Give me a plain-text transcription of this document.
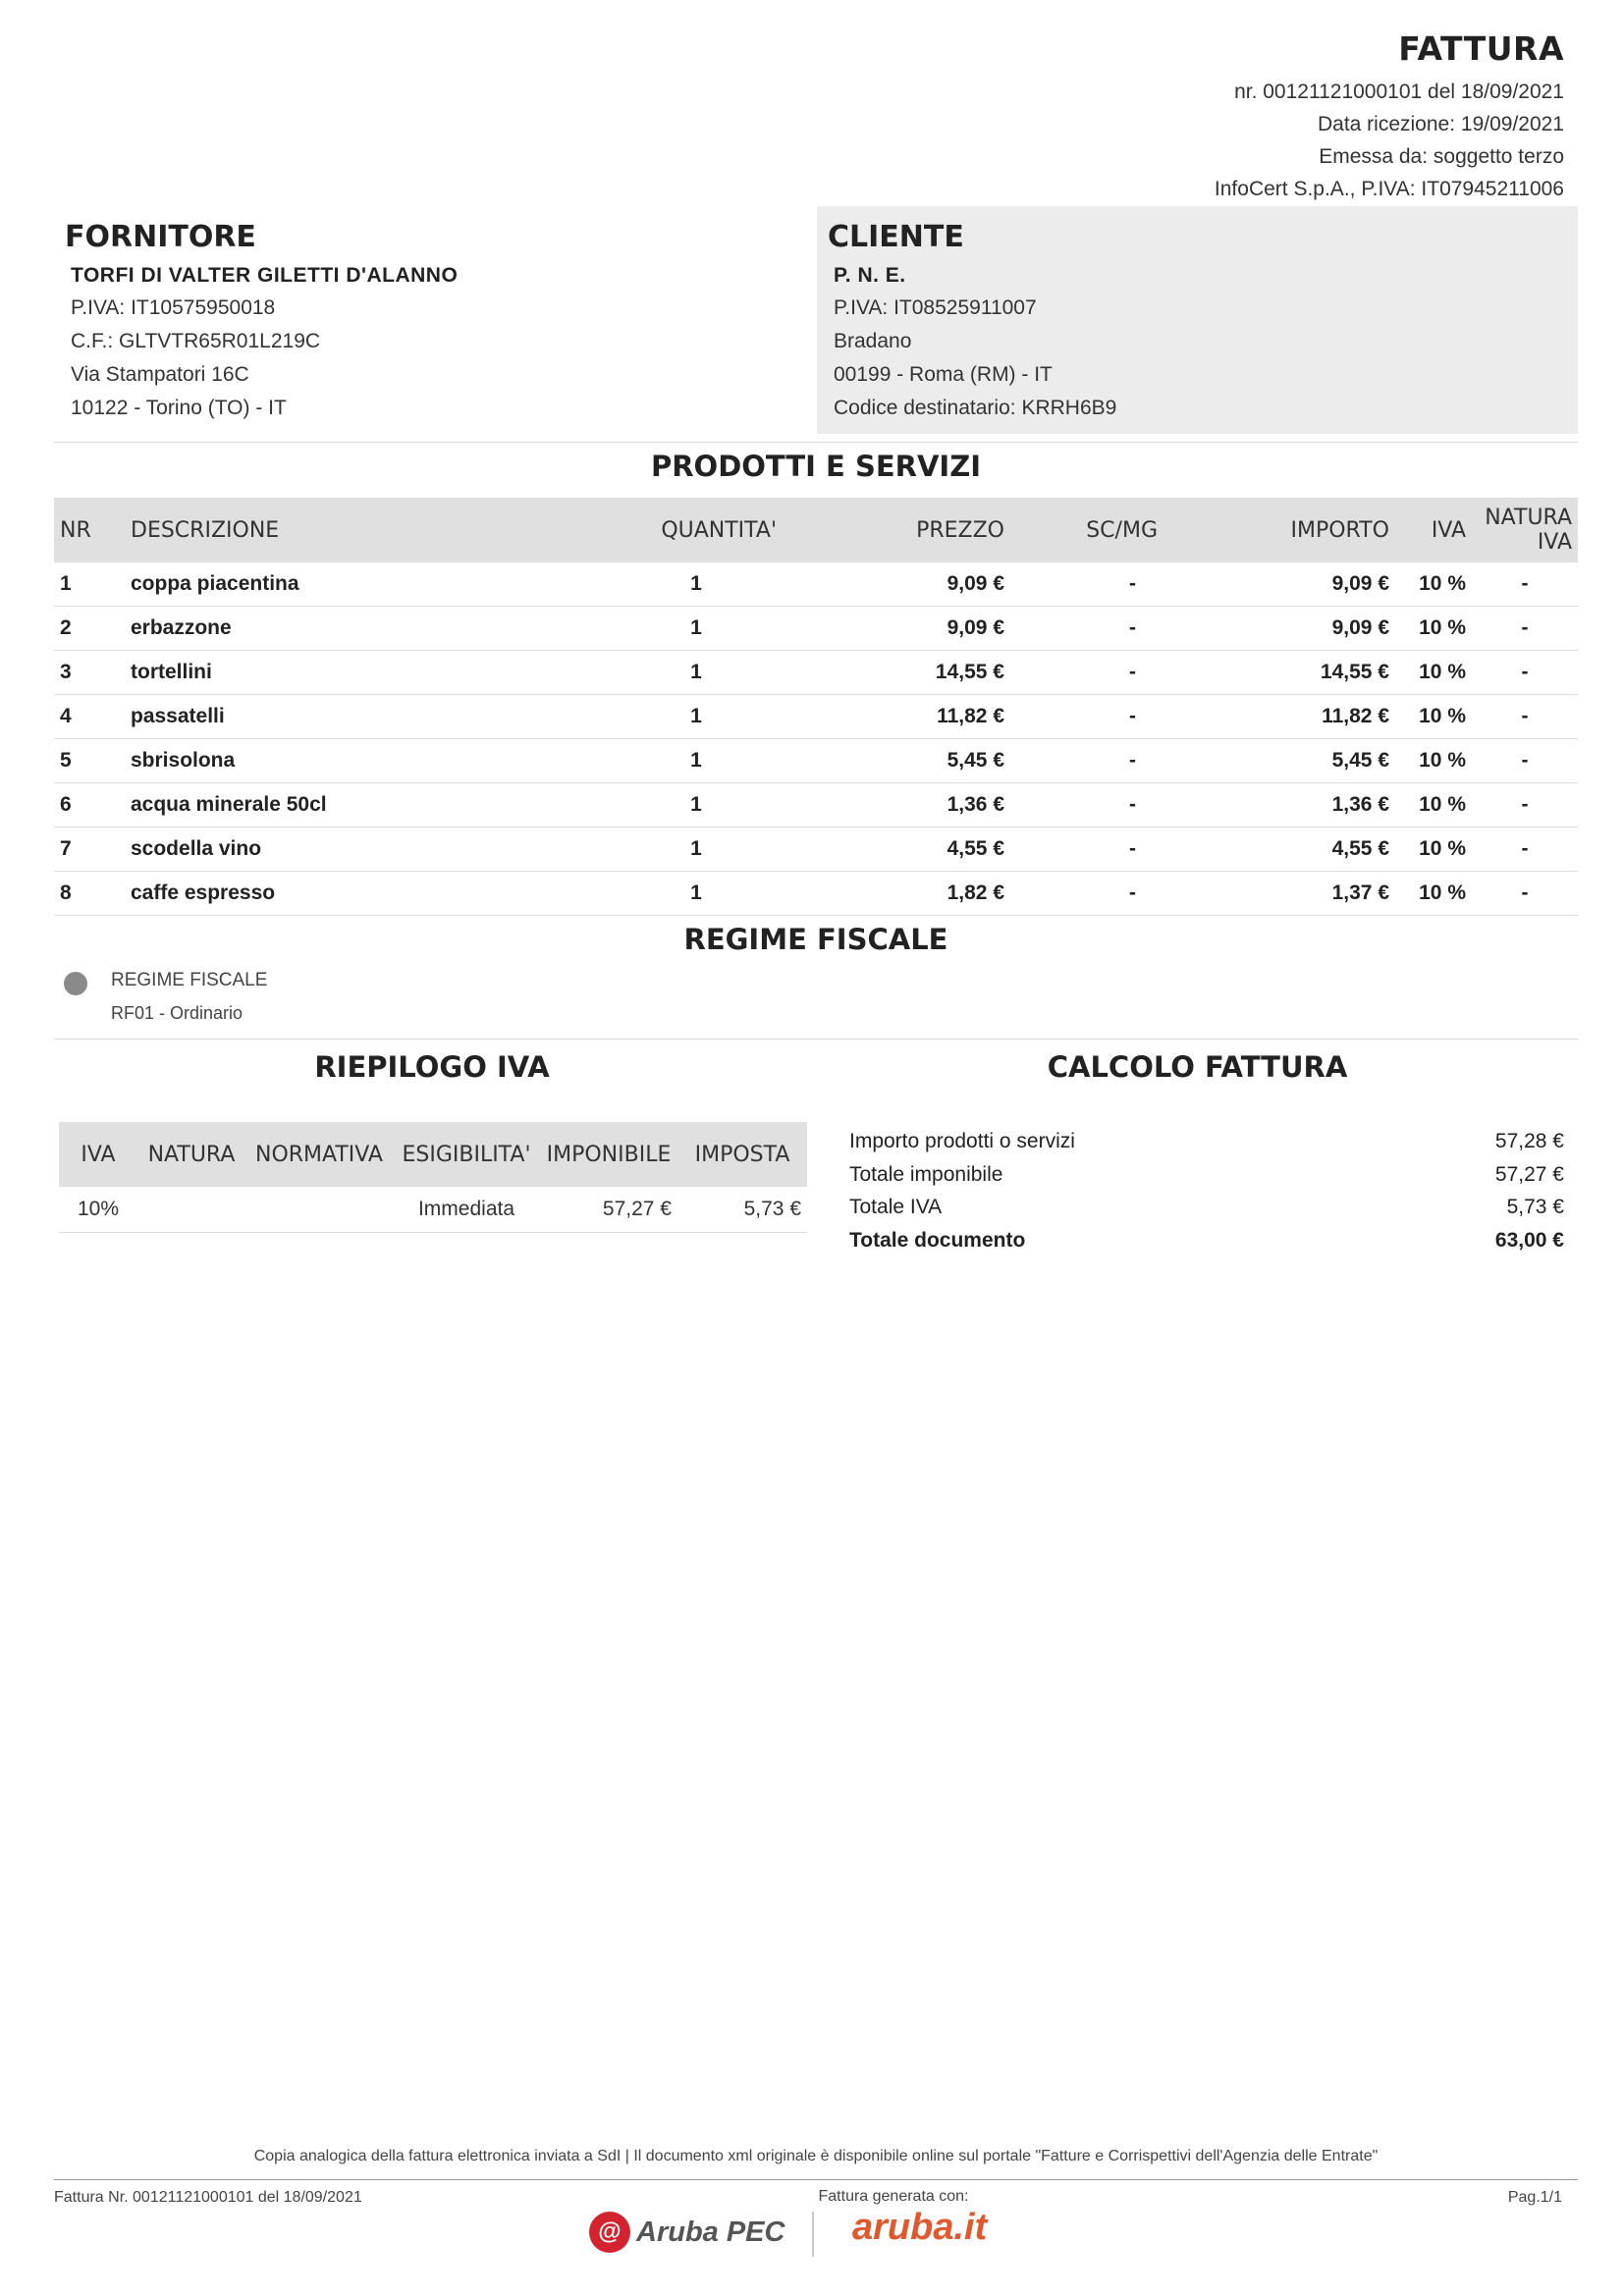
FATTURA
nr. 00121121000101 del 18/09/2021
Data ricezione: 19/09/2021
Emessa da: soggetto terzo
InfoCert S.p.A., P.IVA: IT07945211006
FORNITORE
TORFI DI VALTER GILETTI D'ALANNO
P.IVA: IT10575950018
C.F.: GLTVTR65R01L219C
Via Stampatori 16C
10122 - Torino (TO) - IT
CLIENTE
P. N. E.
P.IVA: IT08525911007
Bradano
00199 - Roma (RM) - IT
Codice destinatario: KRRH6B9
PRODOTTI E SERVIZI
NR	DESCRIZIONE	QUANTITA'	PREZZO	SC/MG	IMPORTO	IVA	NATURA IVA
1	coppa piacentina	1	9,09 €	-	9,09 €	10 %	-
2	erbazzone	1	9,09 €	-	9,09 €	10 %	-
3	tortellini	1	14,55 €	-	14,55 €	10 %	-
4	passatelli	1	11,82 €	-	11,82 €	10 %	-
5	sbrisolona	1	5,45 €	-	5,45 €	10 %	-
6	acqua minerale 50cl	1	1,36 €	-	1,36 €	10 %	-
7	scodella vino	1	4,55 €	-	4,55 €	10 %	-
8	caffe espresso	1	1,82 €	-	1,37 €	10 %	-
REGIME FISCALE
REGIME FISCALE
RF01 - Ordinario
RIEPILOGO IVA
IVA	NATURA	NORMATIVA	ESIGIBILITA'	IMPONIBILE	IMPOSTA
10%			Immediata	57,27 €	5,73 €
CALCOLO FATTURA
Importo prodotti o servizi	57,28 €
Totale imponibile	57,27 €
Totale IVA	5,73 €
Totale documento	63,00 €
Copia analogica della fattura elettronica inviata a SdI | Il documento xml originale è disponibile online sul portale "Fatture e Corrispettivi dell'Agenzia delle Entrate"
Fattura Nr. 00121121000101 del 18/09/2021	Fattura generata con:	Pag.1/1
@ Aruba PEC aruba.it
